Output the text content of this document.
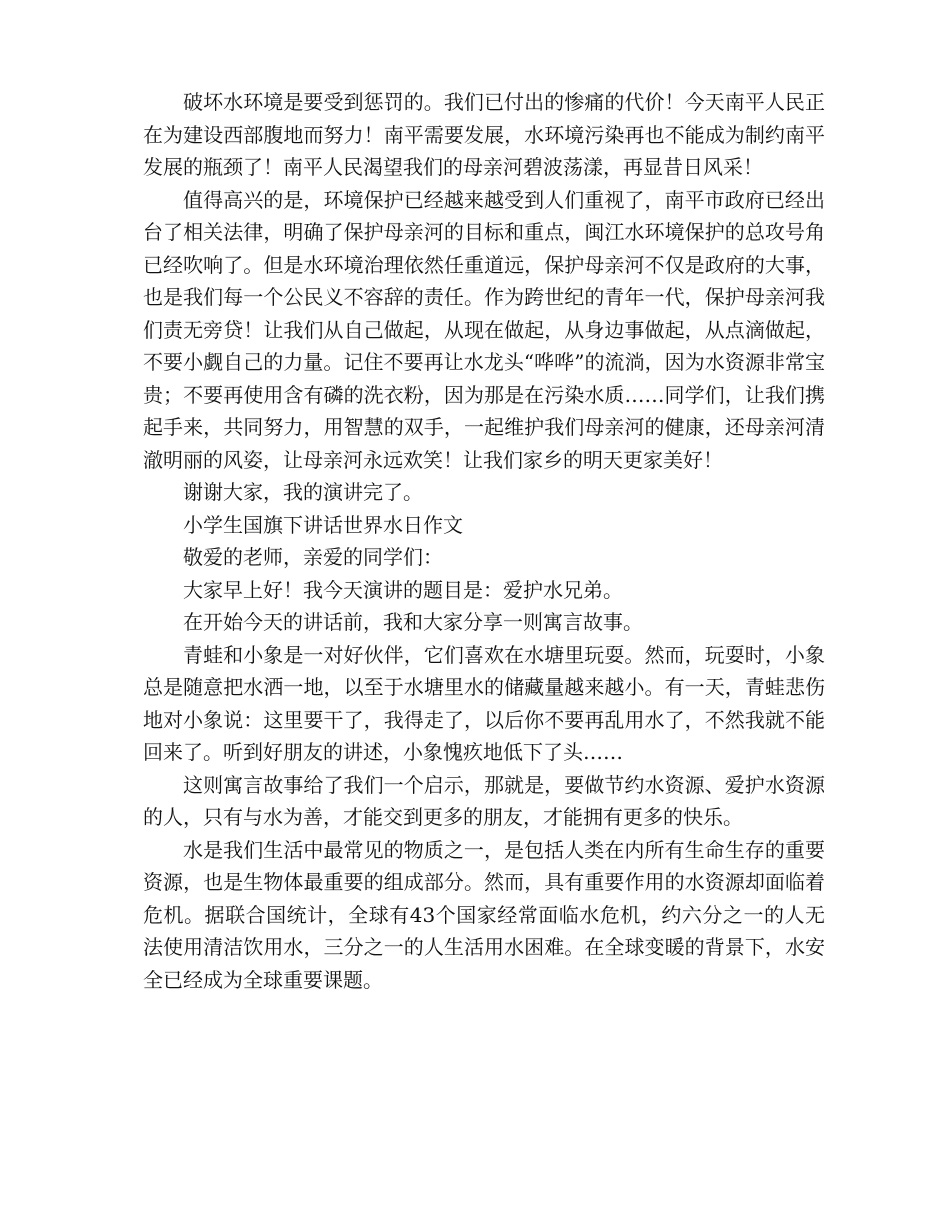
破坏水环境是要受到惩罚的。我们已付出的惨痛的代价！今天南平人民正在为建设西部腹地而努力！南平需要发展，水环境污染再也不能成为制约南平发展的瓶颈了！南平人民渴望我们的母亲河碧波荡漾，再显昔日风采！

值得高兴的是，环境保护已经越来越受到人们重视了，南平市政府已经出台了相关法律，明确了保护母亲河的目标和重点，闽江水环境保护的总攻号角已经吹响了。但是水环境治理依然任重道远，保护母亲河不仅是政府的大事，也是我们每一个公民义不容辞的责任。作为跨世纪的青年一代，保护母亲河我们责无旁贷！让我们从自己做起，从现在做起，从身边事做起，从点滴做起，不要小觑自己的力量。记住不要再让水龙头“哗哗”的流淌，因为水资源非常宝贵；不要再使用含有磷的洗衣粉，因为那是在污染水质……同学们，让我们携起手来，共同努力，用智慧的双手，一起维护我们母亲河的健康，还母亲河清澈明丽的风姿，让母亲河永远欢笑！让我们家乡的明天更家美好！

谢谢大家，我的演讲完了。

小学生国旗下讲话世界水日作文

敬爱的老师，亲爱的同学们：

大家早上好！我今天演讲的题目是：爱护水兄弟。

在开始今天的讲话前，我和大家分享一则寓言故事。

青蛙和小象是一对好伙伴，它们喜欢在水塘里玩耍。然而，玩耍时，小象总是随意把水洒一地，以至于水塘里水的储藏量越来越小。有一天，青蛙悲伤地对小象说：这里要干了，我得走了，以后你不要再乱用水了，不然我就不能回来了。听到好朋友的讲述，小象愧疚地低下了头……

这则寓言故事给了我们一个启示，那就是，要做节约水资源、爱护水资源的人，只有与水为善，才能交到更多的朋友，才能拥有更多的快乐。

水是我们生活中最常见的物质之一，是包括人类在内所有生命生存的重要资源，也是生物体最重要的组成部分。然而，具有重要作用的水资源却面临着危机。据联合国统计，全球有43个国家经常面临水危机，约六分之一的人无法使用清洁饮用水，三分之一的人生活用水困难。在全球变暖的背景下，水安全已经成为全球重要课题。
